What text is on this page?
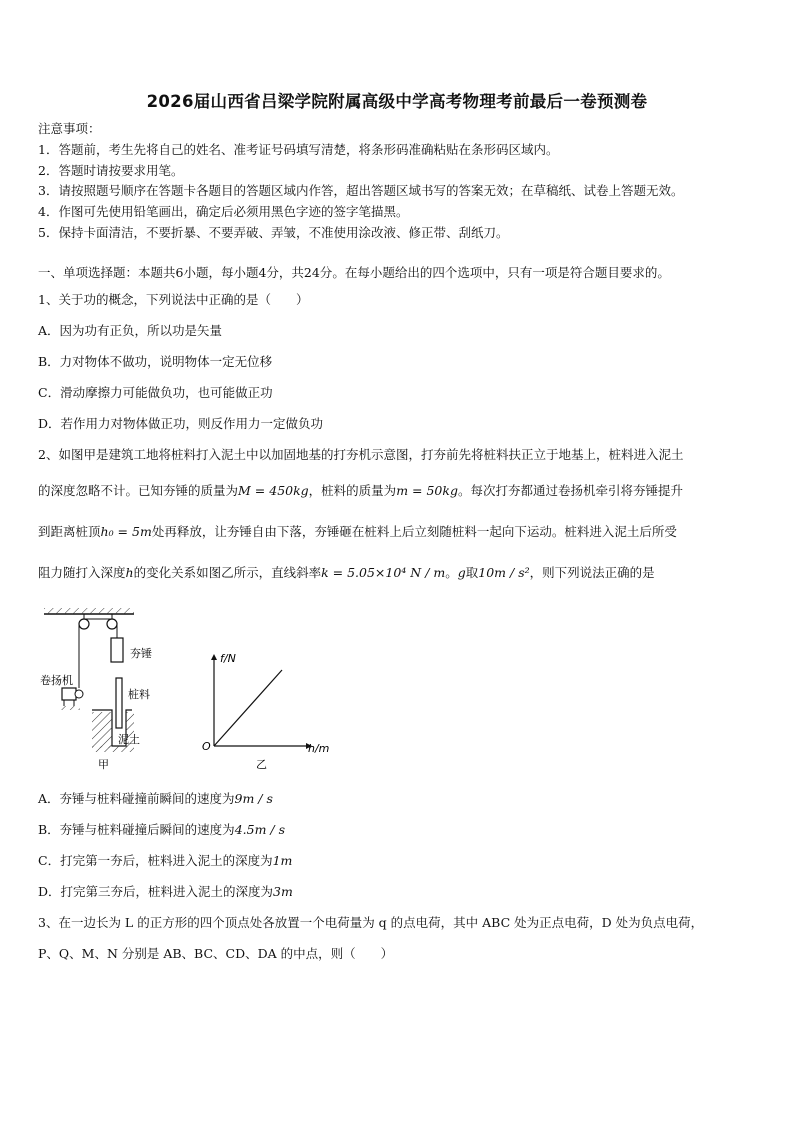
2026届山西省吕梁学院附属高级中学高考物理考前最后一卷预测卷
注意事项：
1．答题前，考生先将自己的姓名、准考证号码填写清楚，将条形码准确粘贴在条形码区域内。
2．答题时请按要求用笔。
3．请按照题号顺序在答题卡各题目的答题区域内作答，超出答题区域书写的答案无效；在草稿纸、试卷上答题无效。
4．作图可先使用铅笔画出，确定后必须用黑色字迹的签字笔描黑。
5．保持卡面清洁，不要折暴、不要弄破、弄皱，不准使用涂改液、修正带、刮纸刀。
一、单项选择题：本题共6小题，每小题4分，共24分。在每小题给出的四个选项中，只有一项是符合题目要求的。
1、关于功的概念，下列说法中正确的是（　　）
A．因为功有正负，所以功是矢量
B．力对物体不做功，说明物体一定无位移
C．滑动摩擦力可能做负功，也可能做正功
D．若作用力对物体做正功，则反作用力一定做负功
2、如图甲是建筑工地将桩料打入泥土中以加固地基的打夯机示意图，打夯前先将桩料扶正立于地基上，桩料进入泥土
的深度忽略不计。已知夯锤的质量为M = 450kg，桩料的质量为m = 50kg。每次打夯都通过卷扬机牵引将夯锤提升
到距离桩顶h₀ = 5m处再释放，让夯锤自由下落，夯锤砸在桩料上后立刻随桩料一起向下运动。桩料进入泥土后所受
阻力随打入深度h的变化关系如图乙所示，直线斜率k = 5.05×10⁴ N / m。g取10m / s²，则下列说法正确的是
夯锤
卷扬机
桩料
泥土
甲
f/N
h/m
O
乙
A．夯锤与桩料碰撞前瞬间的速度为9m / s
B．夯锤与桩料碰撞后瞬间的速度为4.5m / s
C．打完第一夯后，桩料进入泥土的深度为1m
D．打完第三夯后，桩料进入泥土的深度为3m
3、在一边长为 L 的正方形的四个顶点处各放置一个电荷量为 q 的点电荷，其中 ABC 处为正点电荷，D 处为负点电荷，
P、Q、M、N 分别是 AB、BC、CD、DA 的中点，则（　　）
